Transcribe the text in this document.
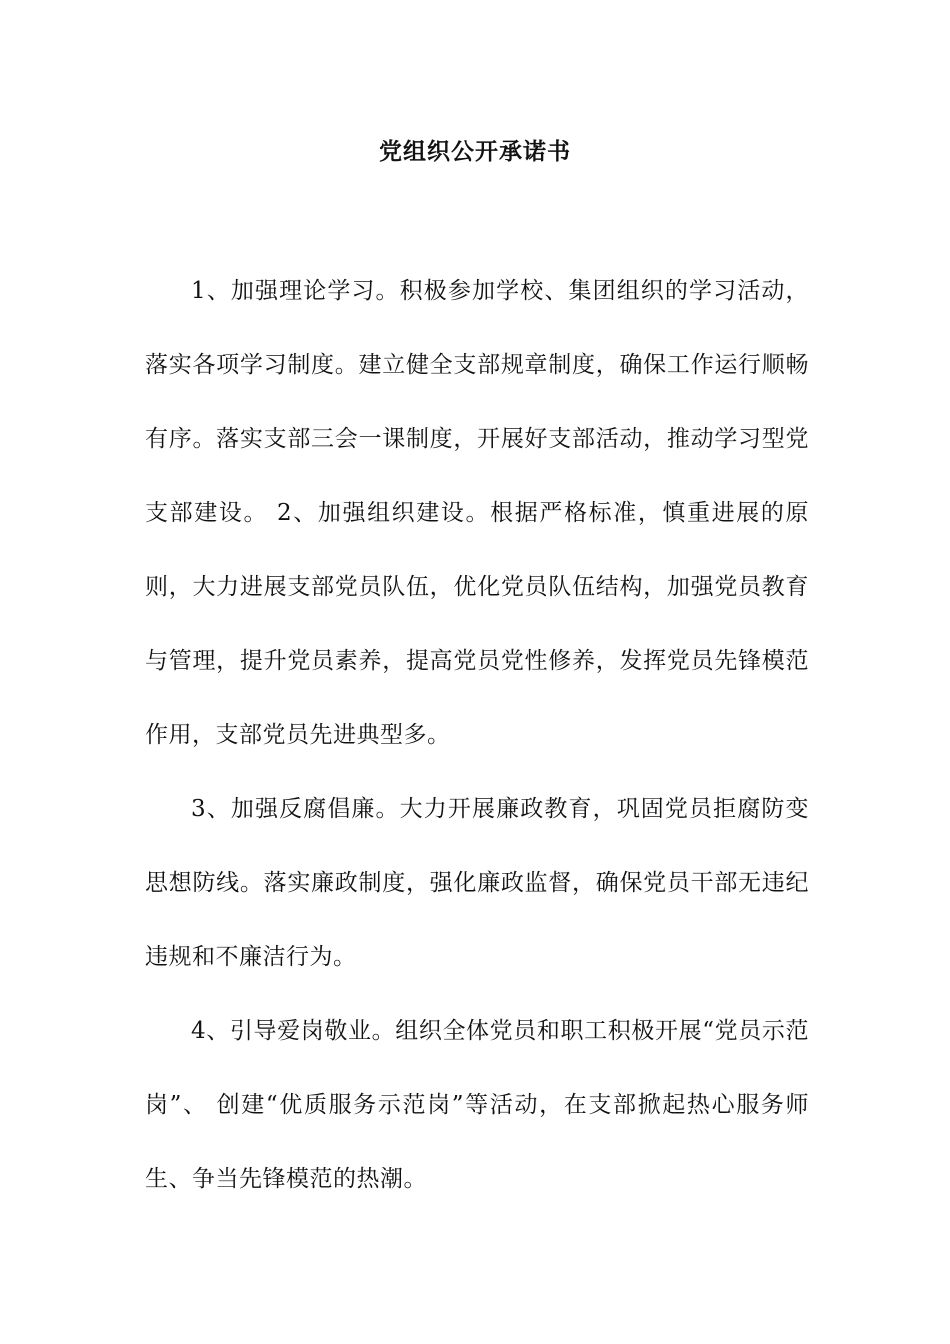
党组织公开承诺书

1、加强理论学习。积极参加学校、集团组织的学习活动，落实各项学习制度。建立健全支部规章制度，确保工作运行顺畅有序。落实支部三会一课制度，开展好支部活动，推动学习型党支部建设。 2、加强组织建设。根据严格标准，慎重进展的原则，大力进展支部党员队伍，优化党员队伍结构，加强党员教育与管理，提升党员素养，提高党员党性修养，发挥党员先锋模范作用，支部党员先进典型多。

3、加强反腐倡廉。大力开展廉政教育，巩固党员拒腐防变思想防线。落实廉政制度，强化廉政监督，确保党员干部无违纪违规和不廉洁行为。

4、引导爱岗敬业。组织全体党员和职工积极开展“党员示范岗”、 创建“优质服务示范岗”等活动，在支部掀起热心服务师生、争当先锋模范的热潮。
